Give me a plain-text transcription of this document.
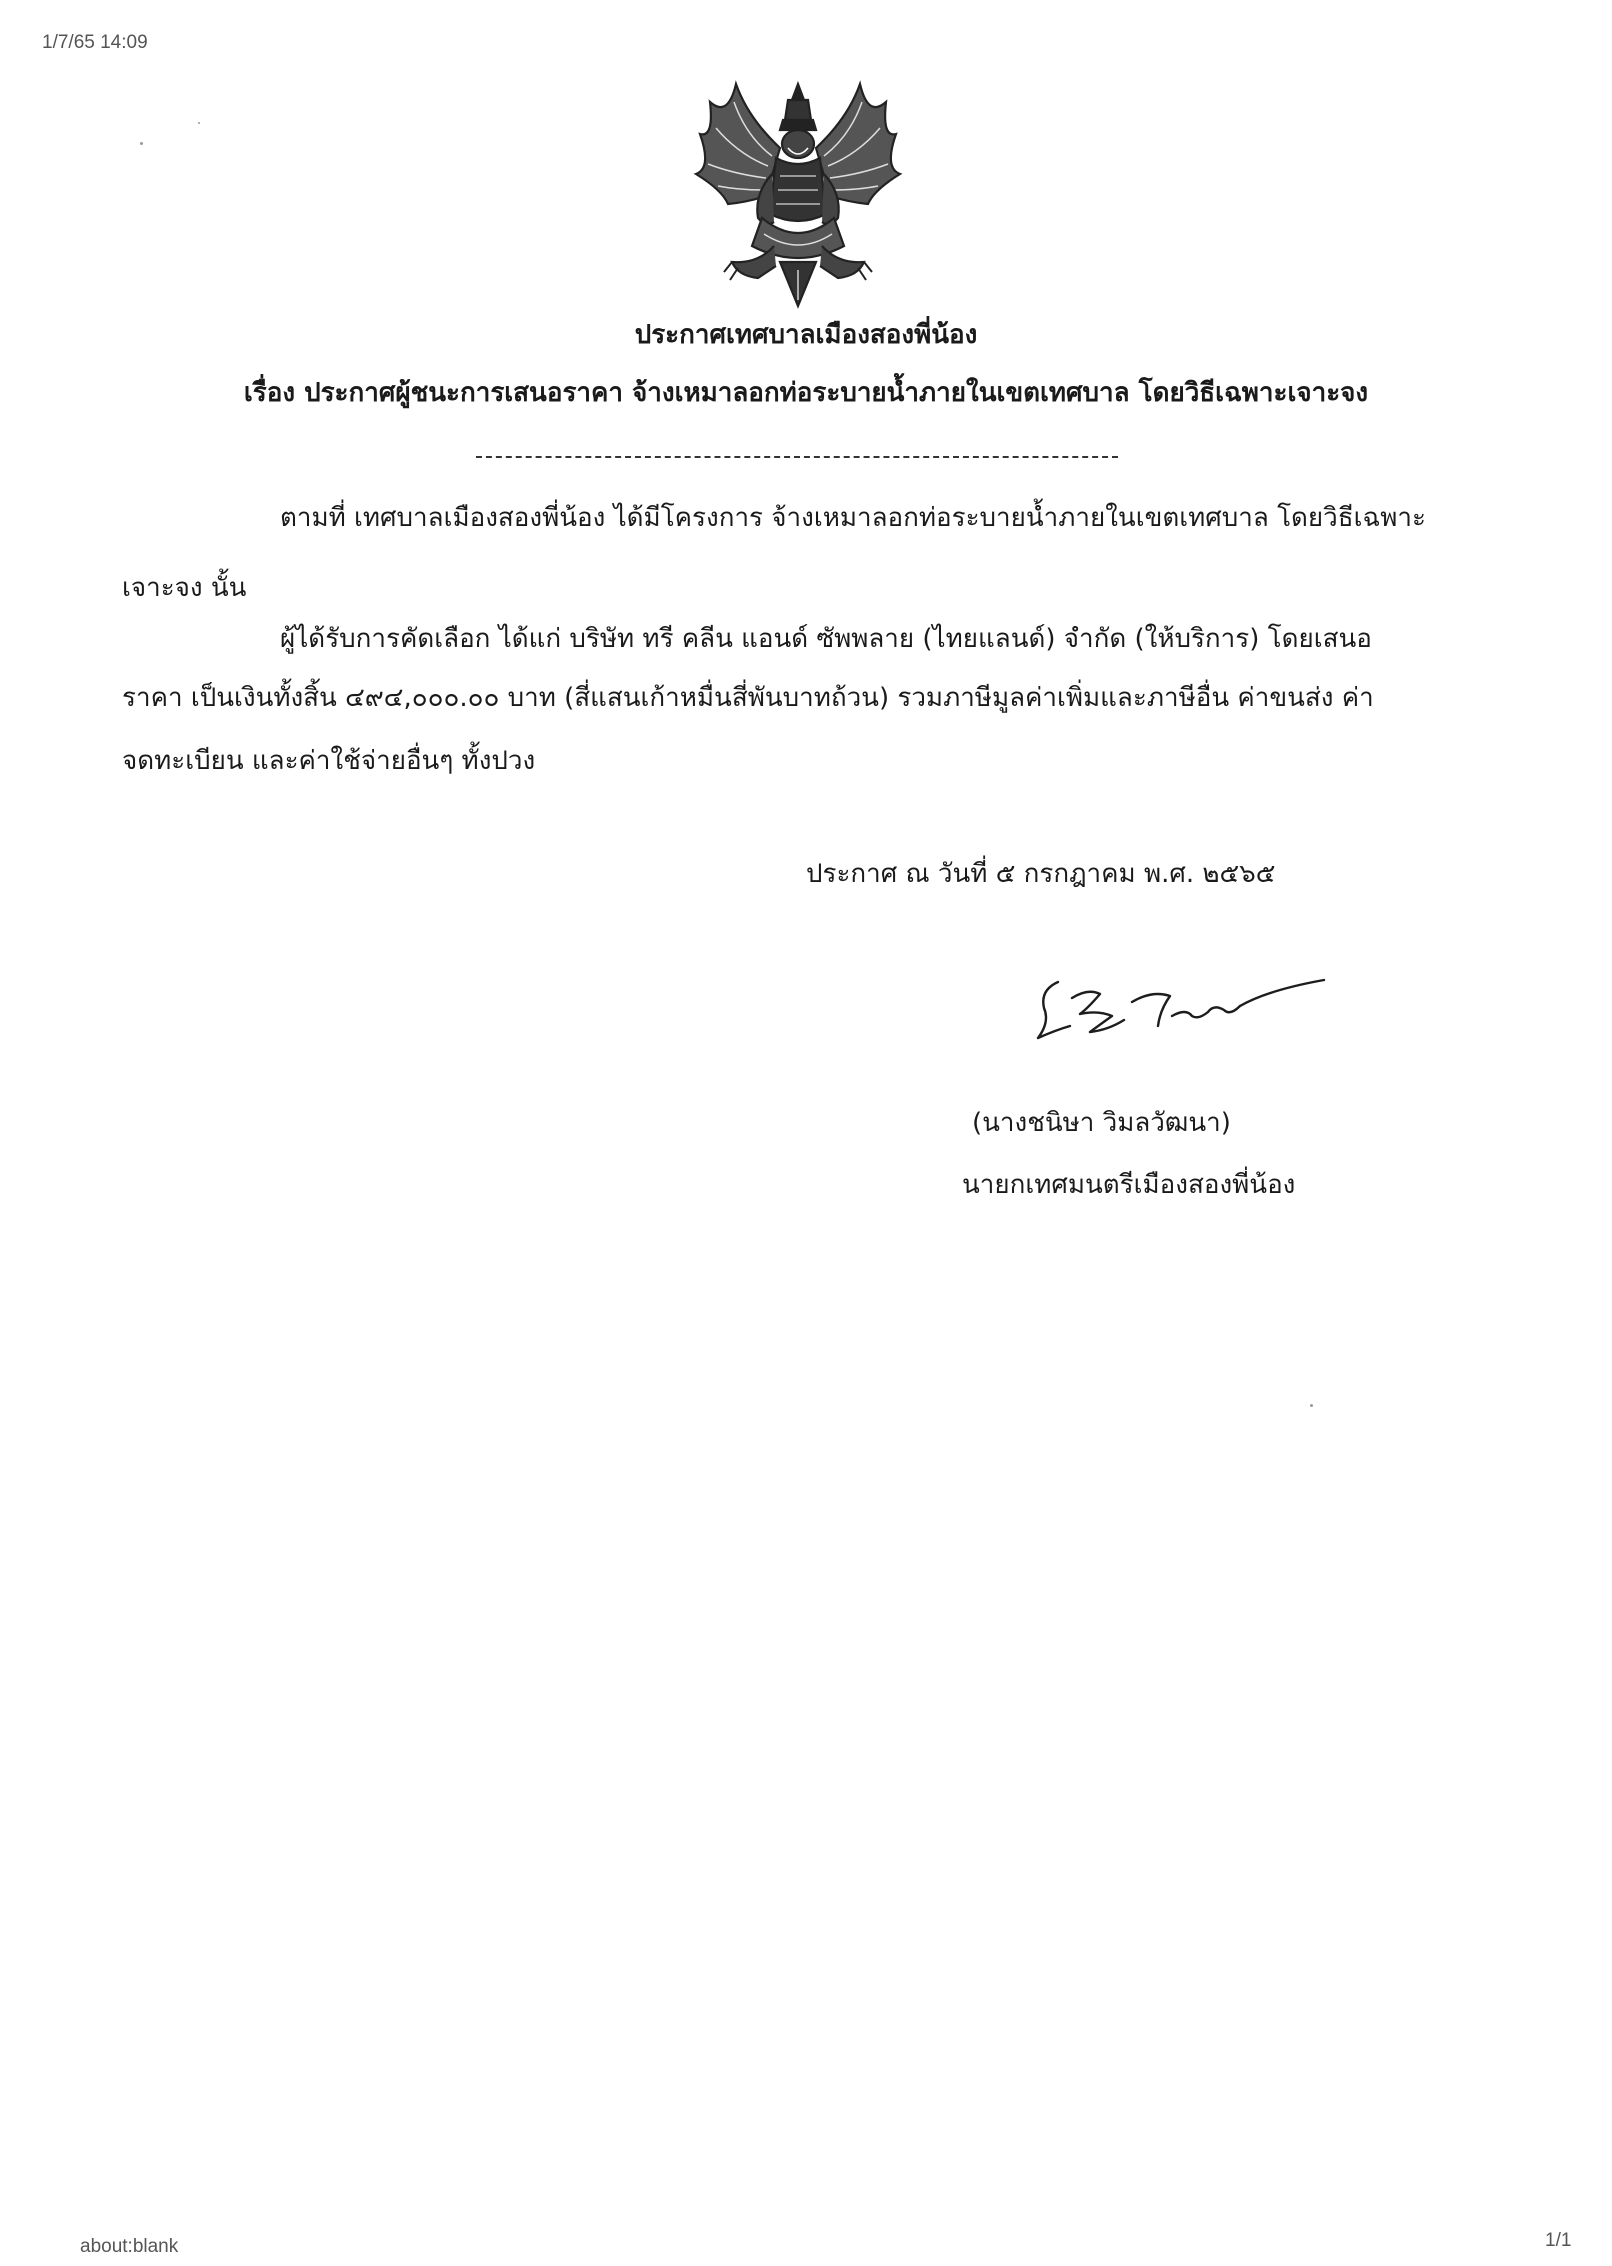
1/7/65 14:09
ประกาศเทศบาลเมืองสองพี่น้อง
เรื่อง ประกาศผู้ชนะการเสนอราคา จ้างเหมาลอกท่อระบายน้ำภายในเขตเทศบาล โดยวิธีเฉพาะเจาะจง
ตามที่ เทศบาลเมืองสองพี่น้อง ได้มีโครงการ จ้างเหมาลอกท่อระบายน้ำภายในเขตเทศบาล โดยวิธีเฉพาะ
เจาะจง นั้น
ผู้ได้รับการคัดเลือก ได้แก่ บริษัท ทรี คลีน แอนด์ ซัพพลาย (ไทยแลนด์) จำกัด (ให้บริการ) โดยเสนอ
ราคา เป็นเงินทั้งสิ้น ๔๙๔,๐๐๐.๐๐ บาท (สี่แสนเก้าหมื่นสี่พันบาทถ้วน) รวมภาษีมูลค่าเพิ่มและภาษีอื่น ค่าขนส่ง ค่า
จดทะเบียน และค่าใช้จ่ายอื่นๆ ทั้งปวง
ประกาศ ณ วันที่ ๕ กรกฎาคม พ.ศ. ๒๕๖๕
(นางชนิษา วิมลวัฒนา)
นายกเทศมนตรีเมืองสองพี่น้อง
about:blank	1/1
